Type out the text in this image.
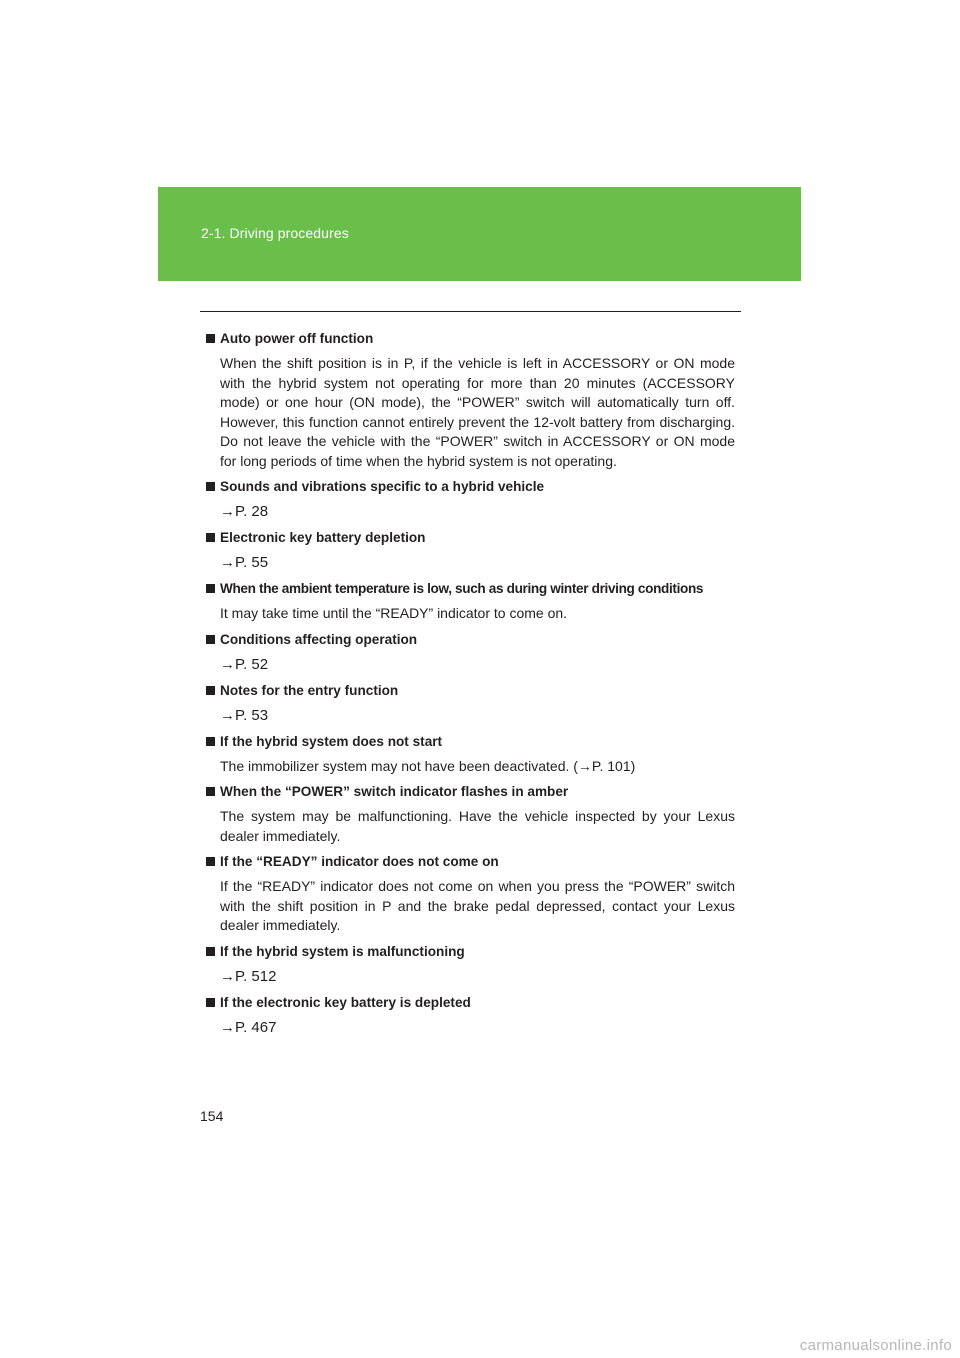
2-1. Driving procedures
Auto power off function
When the shift position is in P, if the vehicle is left in ACCESSORY or ON mode with the hybrid system not operating for more than 20 minutes (ACCESSORY mode) or one hour (ON mode), the “POWER” switch will automatically turn off. However, this function cannot entirely prevent the 12-volt battery from discharging. Do not leave the vehicle with the “POWER” switch in ACCESSORY or ON mode for long periods of time when the hybrid system is not operating.
Sounds and vibrations specific to a hybrid vehicle
→P. 28
Electronic key battery depletion
→P. 55
When the ambient temperature is low, such as during winter driving conditions
It may take time until the “READY” indicator to come on.
Conditions affecting operation
→P. 52
Notes for the entry function
→P. 53
If the hybrid system does not start
The immobilizer system may not have been deactivated. (→P. 101)
When the “POWER” switch indicator flashes in amber
The system may be malfunctioning. Have the vehicle inspected by your Lexus dealer immediately.
If the “READY” indicator does not come on
If the “READY” indicator does not come on when you press the “POWER” switch with the shift position in P and the brake pedal depressed, contact your Lexus dealer immediately.
If the hybrid system is malfunctioning
→P. 512
If the electronic key battery is depleted
→P. 467
154
carmanualsonline.info
